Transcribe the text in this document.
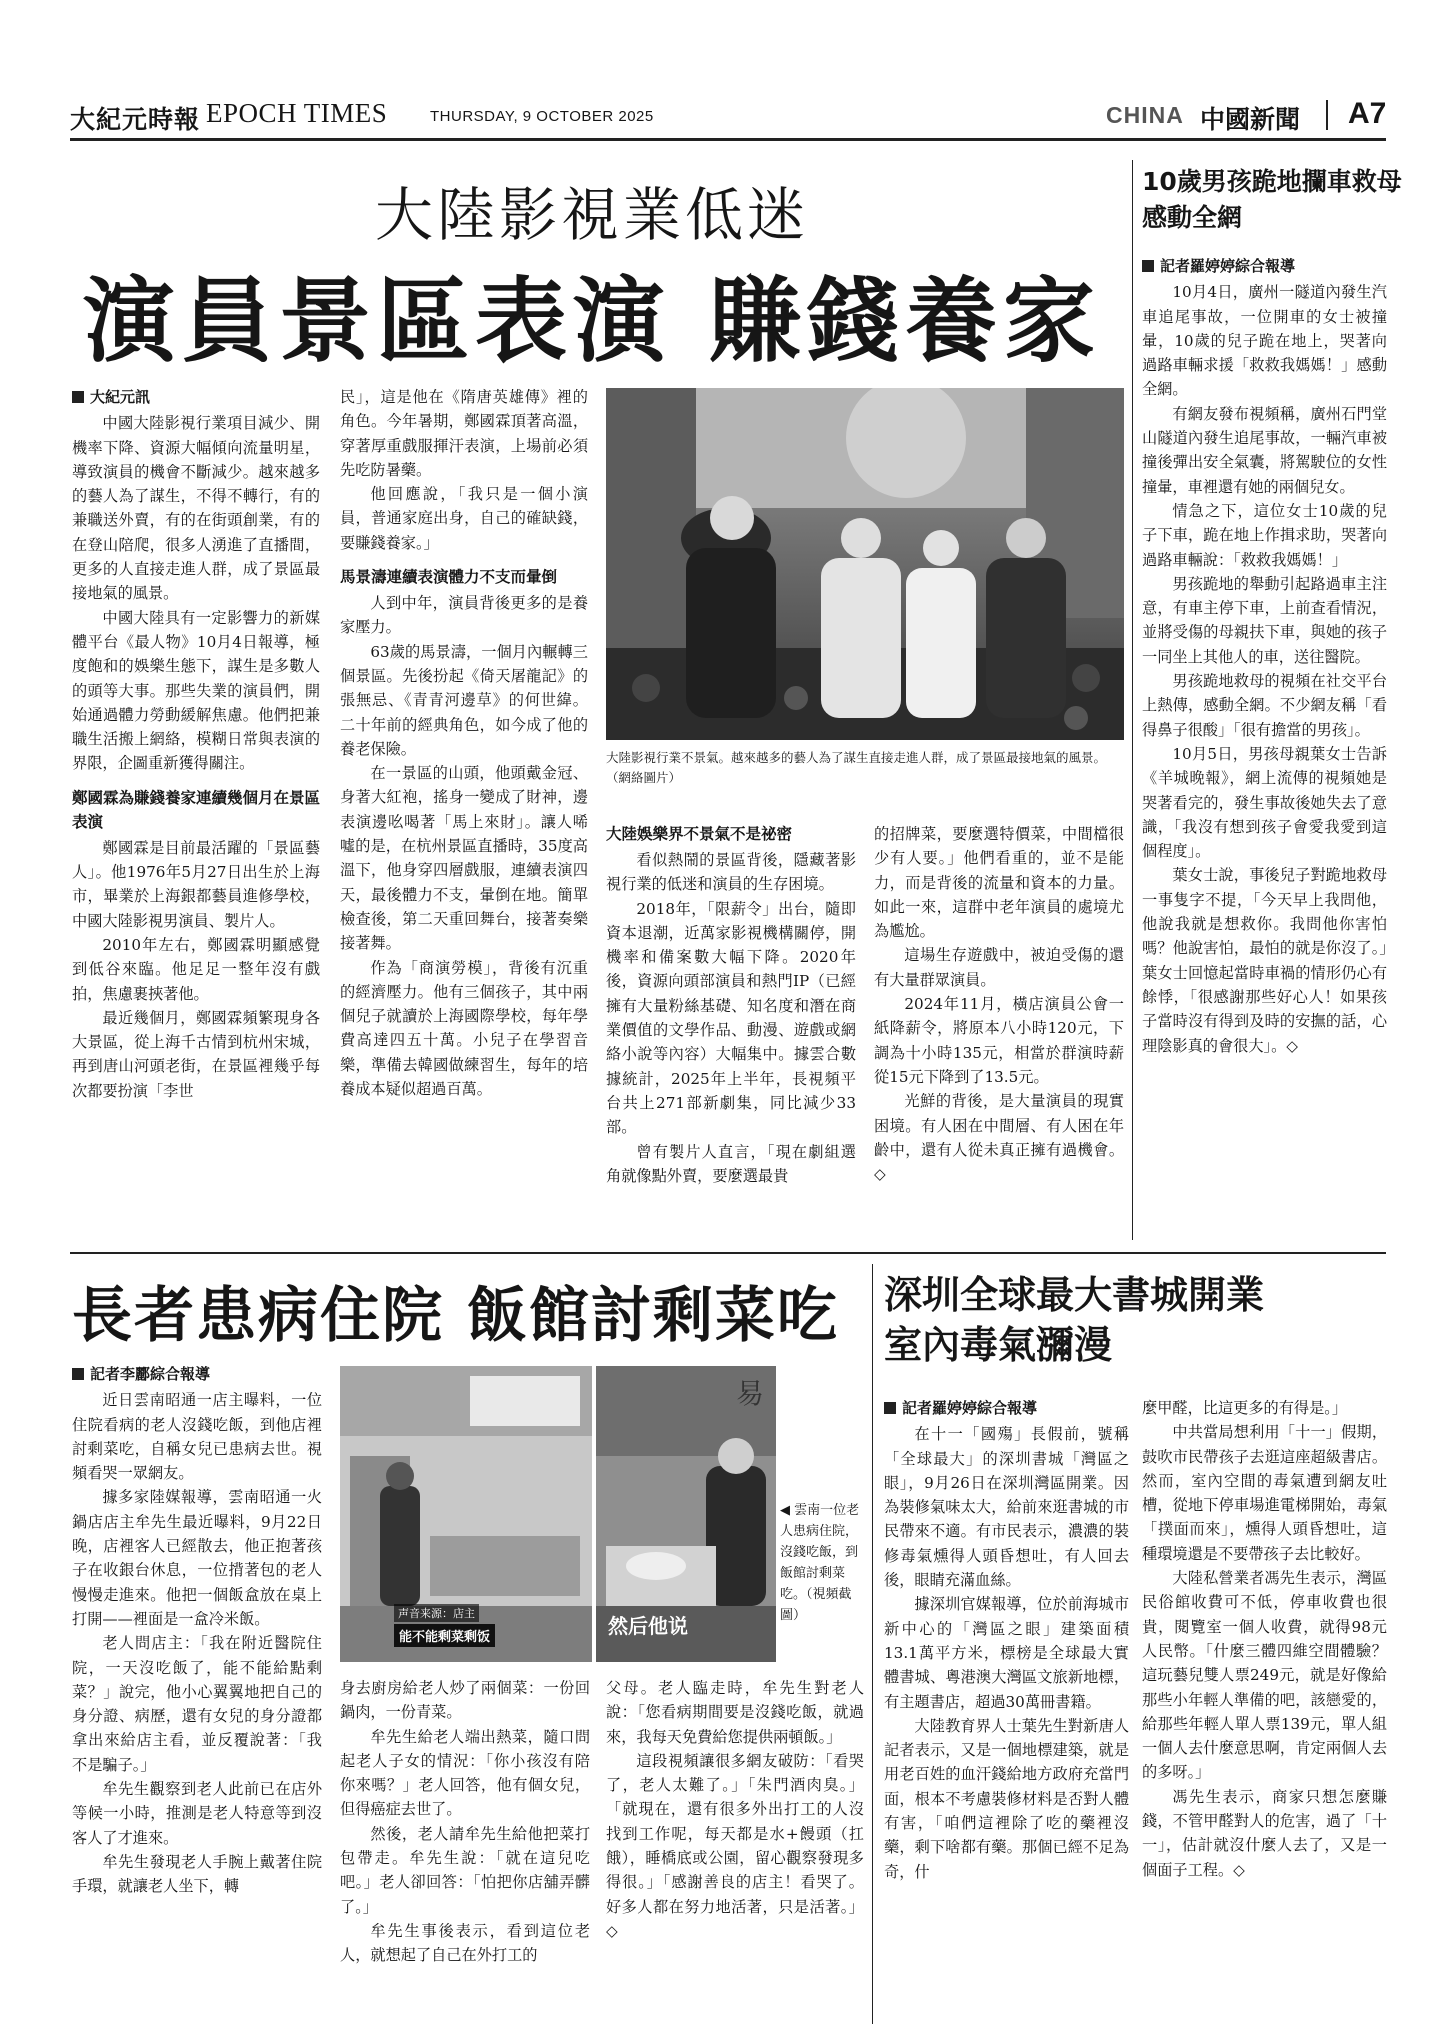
大紀元時報 EPOCH TIMES	THURSDAY, 9 OCTOBER 2025	CHINA 中國新聞 A7
大陸影視業低迷
演員景區表演 賺錢養家
大紀元訊

中國大陸影視行業項目減少、開機率下降、資源大幅傾向流量明星，導致演員的機會不斷減少。越來越多的藝人為了謀生，不得不轉行，有的兼職送外賣，有的在街頭創業，有的在登山陪爬，很多人湧進了直播間，更多的人直接走進人群，成了景區最接地氣的風景。

中國大陸具有一定影響力的新媒體平台《最人物》10月4日報導，極度飽和的娛樂生態下，謀生是多數人的頭等大事。那些失業的演員們，開始通過體力勞動緩解焦慮。他們把兼職生活搬上網絡，模糊日常與表演的界限，企圖重新獲得關注。

鄭國霖為賺錢養家連續幾個月在景區表演

鄭國霖是目前最活躍的「景區藝人」。他1976年5月27日出生於上海市，畢業於上海銀都藝員進修學校，中國大陸影視男演員、製片人。

2010年左右，鄭國霖明顯感覺到低谷來臨。他足足一整年沒有戲拍，焦慮裹挾著他。

最近幾個月，鄭國霖頻繁現身各大景區，從上海千古情到杭州宋城，再到唐山河頭老街，在景區裡幾乎每次都要扮演「李世

民」，這是他在《隋唐英雄傳》裡的角色。今年暑期，鄭國霖頂著高溫，穿著厚重戲服揮汗表演，上場前必須先吃防暑藥。

他回應說，「我只是一個小演員，普通家庭出身，自己的確缺錢，要賺錢養家。」

馬景濤連續表演體力不支而暈倒

人到中年，演員背後更多的是養家壓力。

63歲的馬景濤，一個月內輾轉三個景區。先後扮起《倚天屠龍記》的張無忌、《青青河邊草》的何世緯。二十年前的經典角色，如今成了他的養老保險。

在一景區的山頭，他頭戴金冠、身著大紅袍，搖身一變成了財神，邊表演邊吆喝著「馬上來財」。讓人唏噓的是，在杭州景區直播時，35度高溫下，他身穿四層戲服，連續表演四天，最後體力不支，暈倒在地。簡單檢查後，第二天重回舞台，接著奏樂接著舞。

作為「商演勞模」，背後有沉重的經濟壓力。他有三個孩子，其中兩個兒子就讀於上海國際學校，每年學費高達四五十萬。小兒子在學習音樂，準備去韓國做練習生，每年的培養成本疑似超過百萬。

大陸影視行業不景氣。越來越多的藝人為了謀生直接走進人群，成了景區最接地氣的風景。（網絡圖片）
大陸娛樂界不景氣不是祕密

看似熱鬧的景區背後，隱藏著影視行業的低迷和演員的生存困境。

2018年，「限薪令」出台，隨即資本退潮，近萬家影視機構關停，開機率和備案數大幅下降。2020年後，資源向頭部演員和熱門IP（已經擁有大量粉絲基礎、知名度和潛在商業價值的文學作品、動漫、遊戲或網絡小說等內容）大幅集中。據雲合數據統計，2025年上半年，長視頻平台共上271部新劇集，同比減少33部。

曾有製片人直言，「現在劇組選角就像點外賣，要麼選最貴

的招牌菜，要麼選特價菜，中間檔很少有人要。」他們看重的，並不是能力，而是背後的流量和資本的力量。如此一來，這群中老年演員的處境尤為尷尬。

這場生存遊戲中，被迫受傷的還有大量群眾演員。

2024年11月，橫店演員公會一紙降薪令，將原本八小時120元，下調為十小時135元，相當於群演時薪從15元下降到了13.5元。

光鮮的背後，是大量演員的現實困境。有人困在中間層、有人困在年齡中，還有人從未真正擁有過機會。◇

10歲男孩跪地攔車救母
感動全網
記者羅婷婷綜合報導

10月4日，廣州一隧道內發生汽車追尾事故，一位開車的女士被撞暈，10歲的兒子跪在地上，哭著向過路車輛求援「救救我媽媽！」感動全網。

有網友發布視頻稱，廣州石門堂山隧道內發生追尾事故，一輛汽車被撞後彈出安全氣囊，將駕駛位的女性撞暈，車裡還有她的兩個兒女。

情急之下，這位女士10歲的兒子下車，跪在地上作揖求助，哭著向過路車輛說：「救救我媽媽！」

男孩跪地的舉動引起路過車主注意，有車主停下車，上前查看情況，並將受傷的母親扶下車，與她的孩子一同坐上其他人的車，送往醫院。

男孩跪地救母的視頻在社交平台上熱傳，感動全網。不少網友稱「看得鼻子很酸」「很有擔當的男孩」。

10月5日，男孩母親葉女士告訴《羊城晚報》，網上流傳的視頻她是哭著看完的，發生事故後她失去了意識，「我沒有想到孩子會愛我愛到這個程度」。

葉女士說，事後兒子對跪地救母一事隻字不提，「今天早上我問他，他說我就是想救你。我問他你害怕嗎？他說害怕，最怕的就是你沒了。」葉女士回憶起當時車禍的情形仍心有餘悸，「很感謝那些好心人！如果孩子當時沒有得到及時的安撫的話，心理陰影真的會很大」。◇

長者患病住院 飯館討剩菜吃
記者李酈綜合報導

近日雲南昭通一店主曝料，一位住院看病的老人沒錢吃飯，到他店裡討剩菜吃，自稱女兒已患病去世。視頻看哭一眾網友。

據多家陸媒報導，雲南昭通一火鍋店店主牟先生最近曝料，9月22日晚，店裡客人已經散去，他正抱著孩子在收銀台休息，一位揹著包的老人慢慢走進來。他把一個飯盒放在桌上打開——裡面是一盒冷米飯。

老人問店主：「我在附近醫院住院，一天沒吃飯了，能不能給點剩菜？」說完，他小心翼翼地把自己的身分證、病歷，還有女兒的身分證都拿出來給店主看，並反覆說著：「我不是騙子。」

牟先生觀察到老人此前已在店外等候一小時，推測是老人特意等到沒客人了才進來。

牟先生發現老人手腕上戴著住院手環，就讓老人坐下，轉

声音来源：店主
能不能剩菜剩饭
易
然后他说
◀ 雲南一位老人患病住院，沒錢吃飯，到飯館討剩菜吃。（視頻截圖）

身去廚房給老人炒了兩個菜：一份回鍋肉，一份青菜。

牟先生給老人端出熱菜，隨口問起老人子女的情況：「你小孩沒有陪你來嗎？」老人回答，他有個女兒，但得癌症去世了。

然後，老人請牟先生給他把菜打包帶走。牟先生說：「就在這兒吃吧。」老人卻回答：「怕把你店舖弄髒了。」

牟先生事後表示，看到這位老人，就想起了自己在外打工的

父母。老人臨走時，牟先生對老人說：「您看病期間要是沒錢吃飯，就過來，我每天免費給您提供兩頓飯。」

這段視頻讓很多網友破防：「看哭了，老人太難了。」「朱門酒肉臭。」「就現在，還有很多外出打工的人沒找到工作呢，每天都是水+饅頭（扛餓），睡橋底或公園，留心觀察發現多得很。」「感謝善良的店主！看哭了。好多人都在努力地活著，只是活著。」◇

深圳全球最大書城開業
室內毒氣瀰漫
記者羅婷婷綜合報導

在十一「國殤」長假前，號稱「全球最大」的深圳書城「灣區之眼」，9月26日在深圳灣區開業。因為裝修氣味太大，給前來逛書城的市民帶來不適。有市民表示，濃濃的裝修毒氣燻得人頭昏想吐，有人回去後，眼睛充滿血絲。

據深圳官媒報導，位於前海城市新中心的「灣區之眼」建築面積13.1萬平方米，標榜是全球最大實體書城、粵港澳大灣區文旅新地標，有主題書店，超過30萬冊書籍。

大陸教育界人士葉先生對新唐人記者表示，又是一個地標建築，就是用老百姓的血汗錢給地方政府充當門面，根本不考慮裝修材料是否對人體有害，「咱們這裡除了吃的藥裡沒藥，剩下啥都有藥。那個已經不足為奇，什

麼甲醛，比這更多的有得是。」

中共當局想利用「十一」假期，鼓吹市民帶孩子去逛這座超級書店。然而，室內空間的毒氣遭到網友吐槽，從地下停車場進電梯開始，毒氣「撲面而來」，燻得人頭昏想吐，這種環境還是不要帶孩子去比較好。

大陸私營業者馮先生表示，灣區民俗館收費可不低，停車收費也很貴，閱覽室一個人收費，就得98元人民幣。「什麼三體四維空間體驗？這玩藝兒雙人票249元，就是好像給那些小年輕人準備的吧，該戀愛的，給那些年輕人單人票139元，單人組一個人去什麼意思啊，肯定兩個人去的多呀。」

馮先生表示，商家只想怎麼賺錢，不管甲醛對人的危害，過了「十一」，估計就沒什麼人去了，又是一個面子工程。◇
